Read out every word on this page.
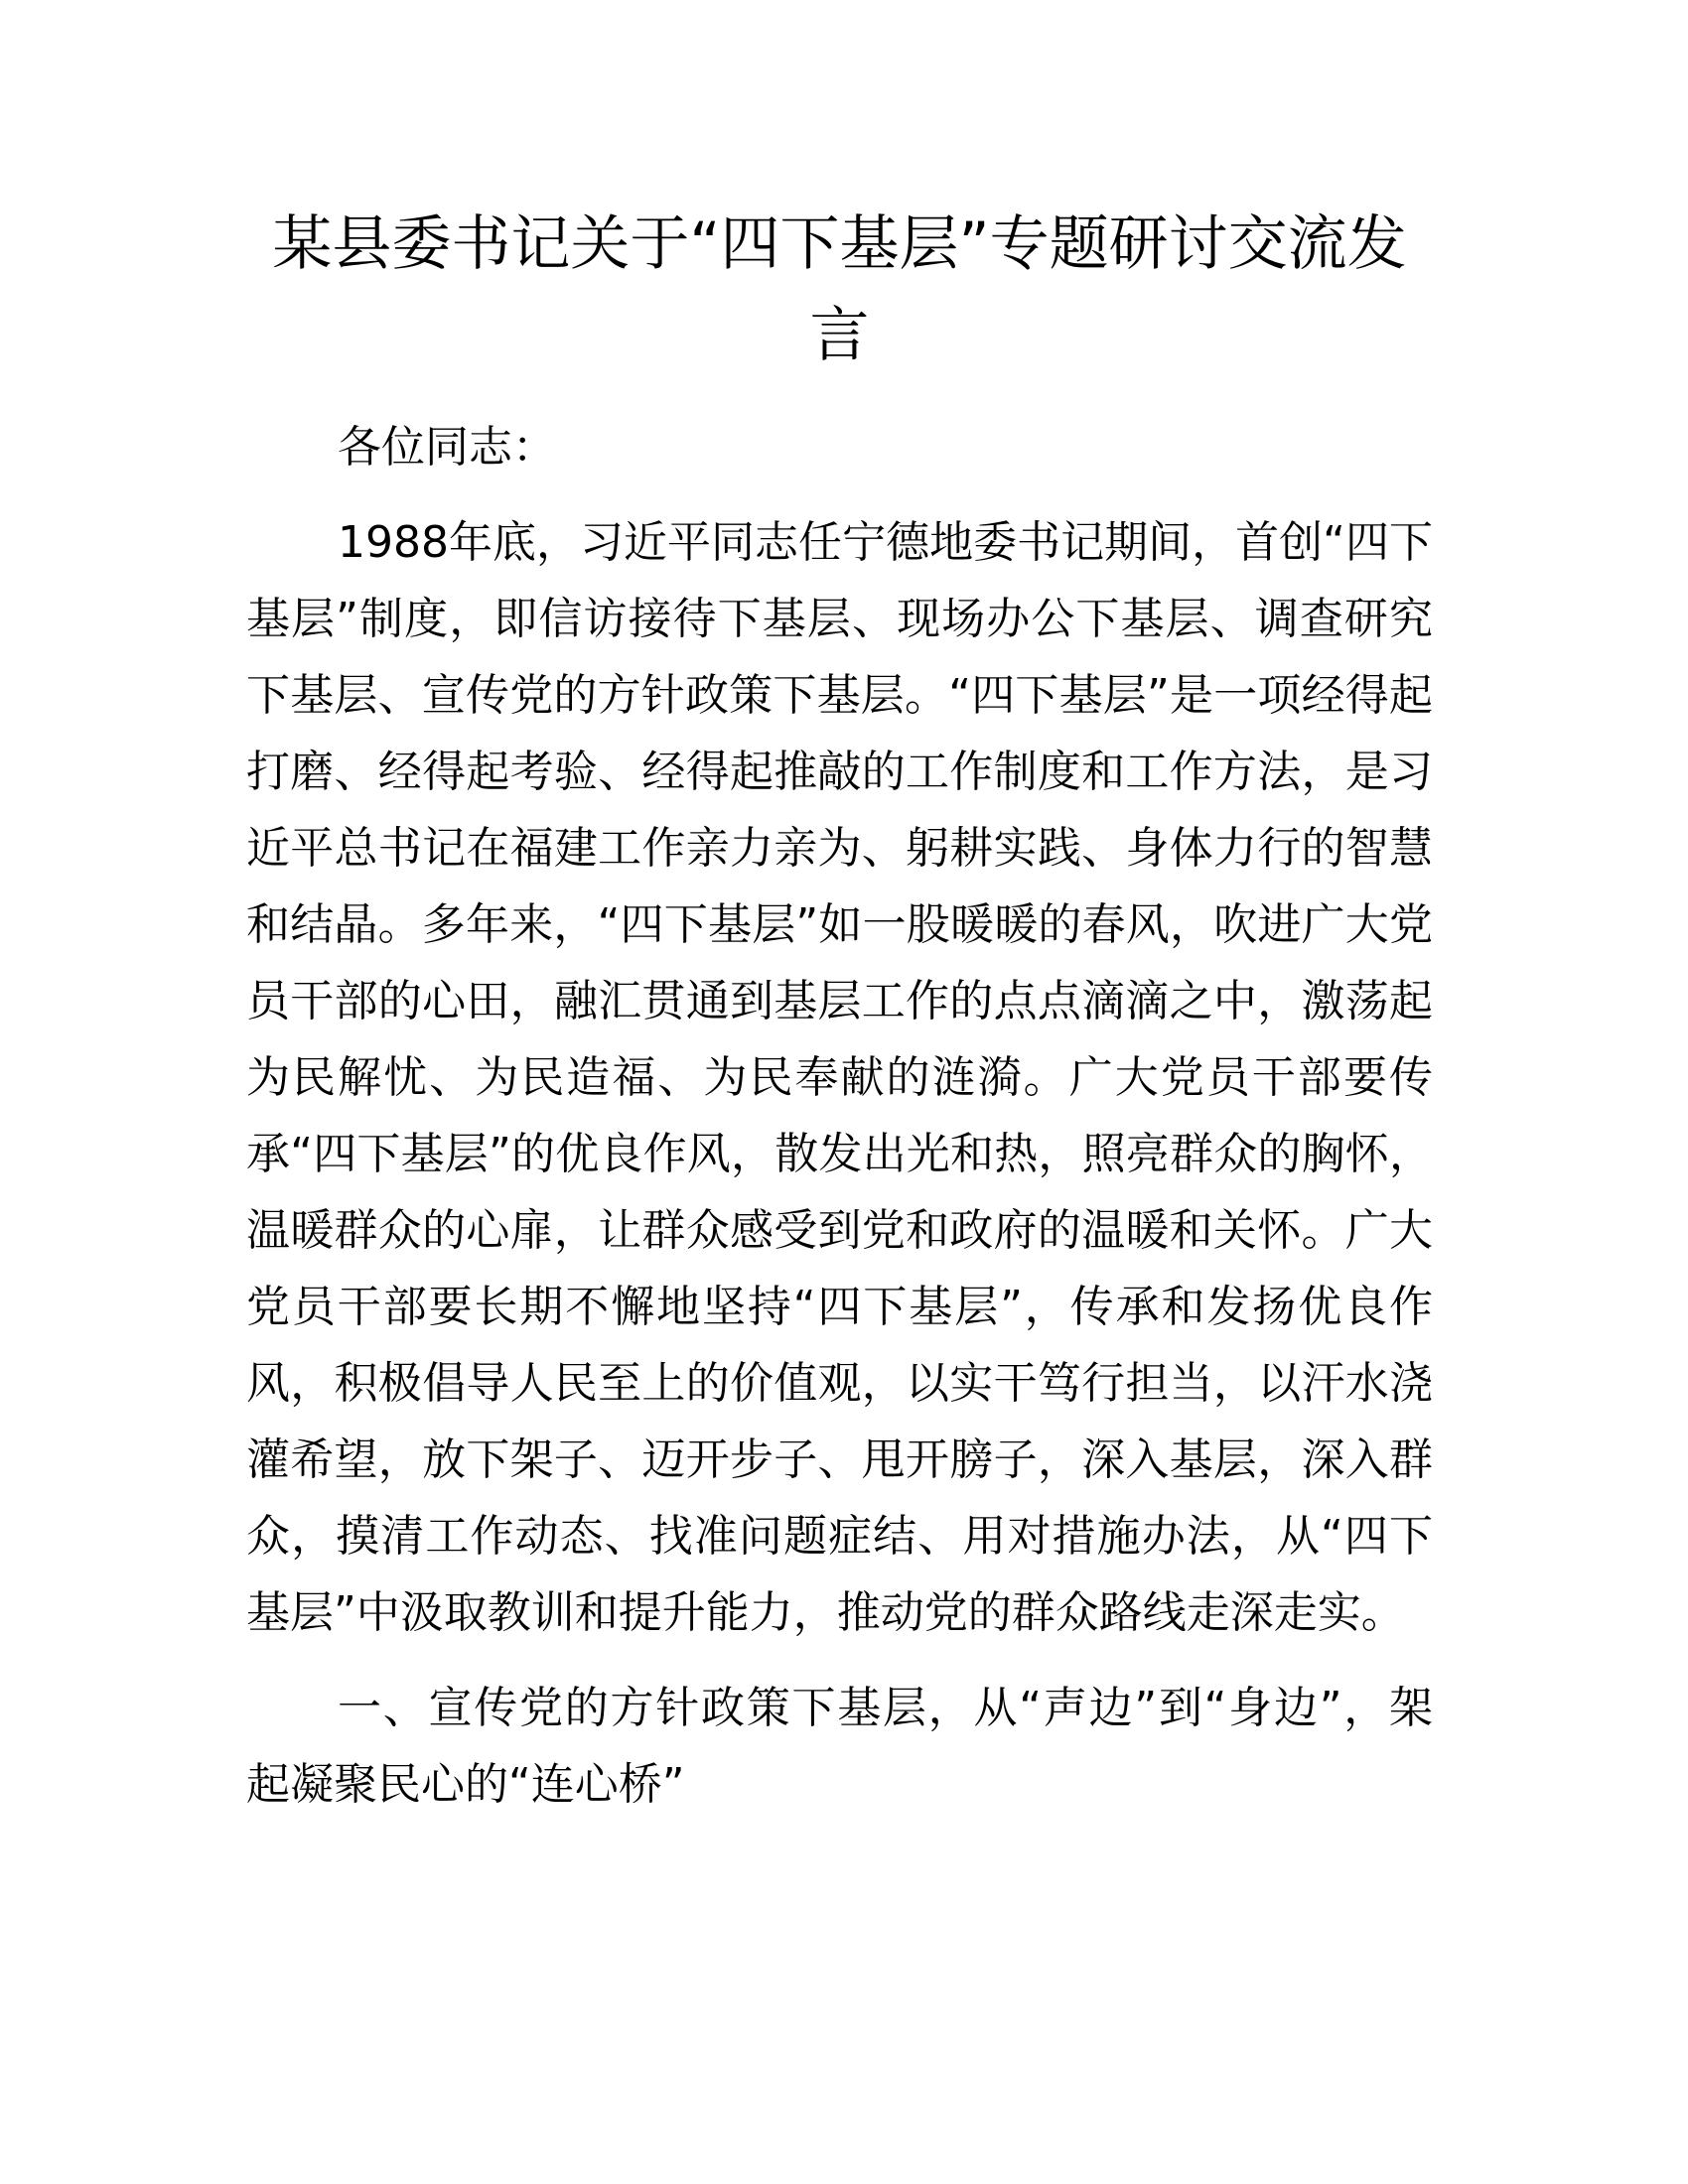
某县委书记关于“四下基层”专题研讨交流发言

各位同志：

1988年底，习近平同志任宁德地委书记期间，首创“四下基层”制度，即信访接待下基层、现场办公下基层、调查研究下基层、宣传党的方针政策下基层。“四下基层”是一项经得起打磨、经得起考验、经得起推敲的工作制度和工作方法，是习近平总书记在福建工作亲力亲为、躬耕实践、身体力行的智慧和结晶。多年来，“四下基层”如一股暖暖的春风，吹进广大党员干部的心田，融汇贯通到基层工作的点点滴滴之中，激荡起为民解忧、为民造福、为民奉献的涟漪。广大党员干部要传承“四下基层”的优良作风，散发出光和热，照亮群众的胸怀，温暖群众的心扉，让群众感受到党和政府的温暖和关怀。广大党员干部要长期不懈地坚持“四下基层”，传承和发扬优良作风，积极倡导人民至上的价值观，以实干笃行担当，以汗水浇灌希望，放下架子、迈开步子、甩开膀子，深入基层，深入群众，摸清工作动态、找准问题症结、用对措施办法，从“四下基层”中汲取教训和提升能力，推动党的群众路线走深走实。

一、宣传党的方针政策下基层，从“声边”到“身边”，架起凝聚民心的“连心桥”
